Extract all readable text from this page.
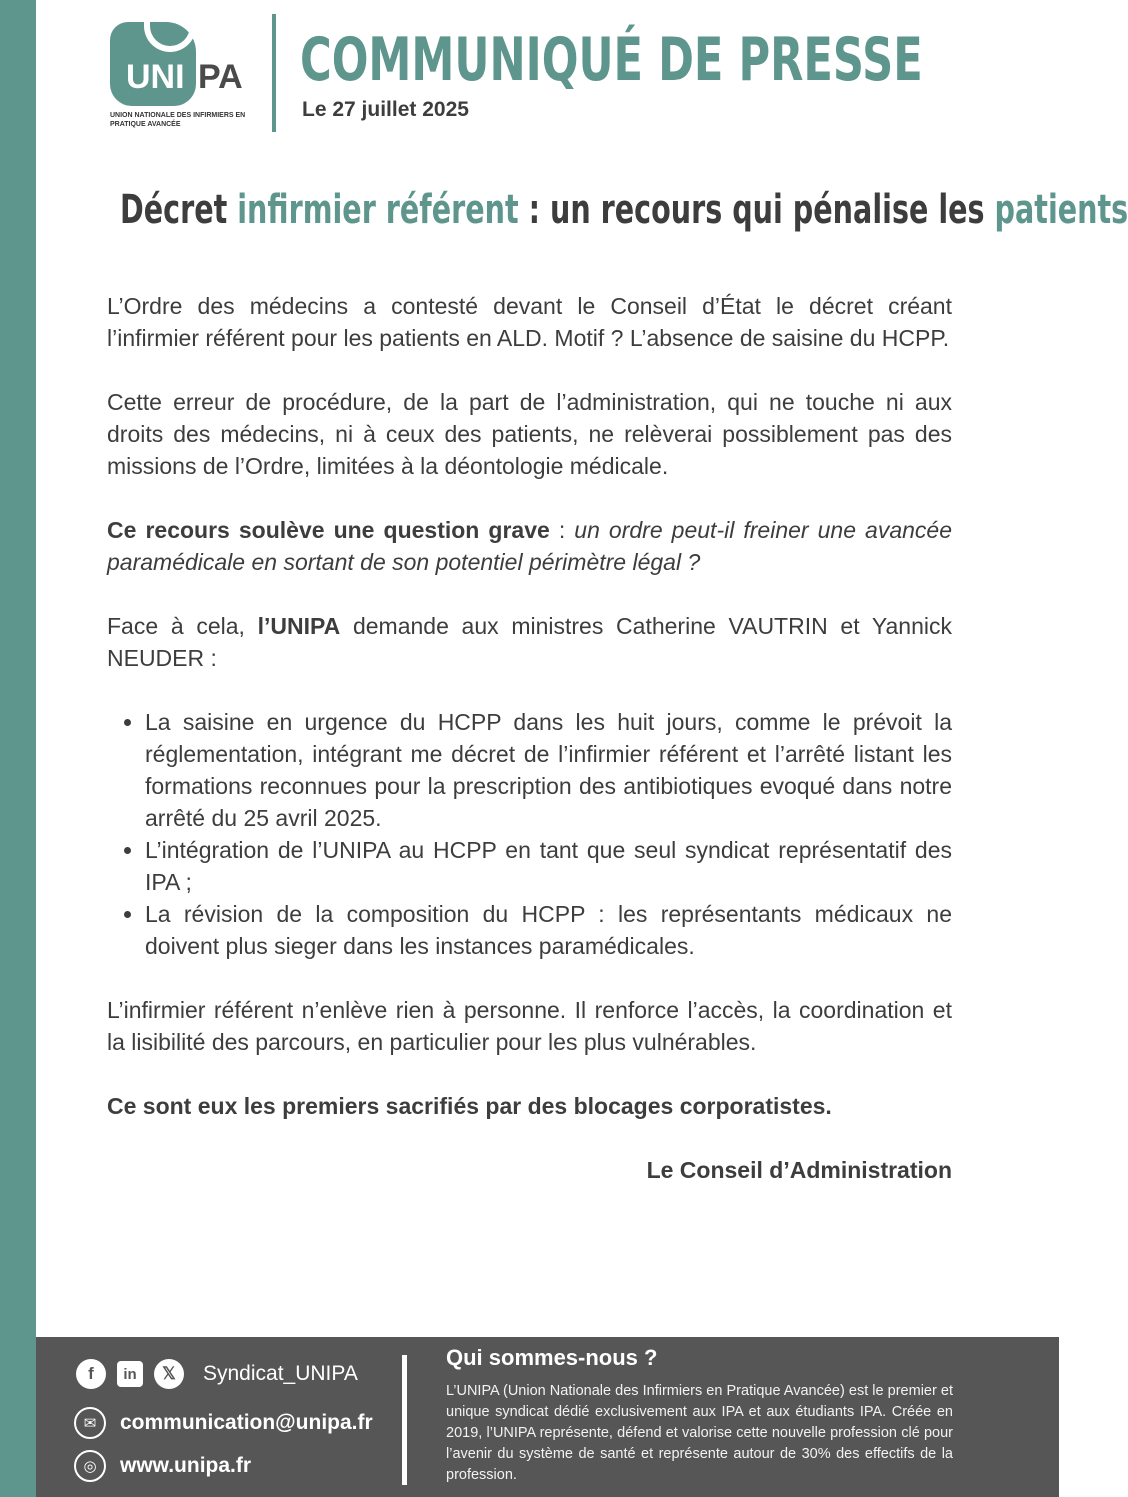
UNI PA
UNION NATIONALE DES INFIRMIERS EN PRATIQUE AVANCÉE
COMMUNIQUÉ DE PRESSE
Le 27 juillet 2025
Décret infirmier référent : un recours qui pénalise les patients

L’Ordre des médecins a contesté devant le Conseil d’État le décret créant l’infirmier référent pour les patients en ALD. Motif ? L’absence de saisine du HCPP.

Cette erreur de procédure, de la part de l’administration, qui ne touche ni aux droits des médecins, ni à ceux des patients, ne relèverai possiblement pas des missions de l’Ordre, limitées à la déontologie médicale.

Ce recours soulève une question grave : un ordre peut-il freiner une avancée paramédicale en sortant de son potentiel périmètre légal ?

Face à cela, l’UNIPA demande aux ministres Catherine VAUTRIN et Yannick NEUDER :

• La saisine en urgence du HCPP dans les huit jours, comme le prévoit la réglementation, intégrant me décret de l’infirmier référent et l’arrêté listant les formations reconnues pour la prescription des antibiotiques evoqué dans notre arrêté du 25 avril 2025.
• L’intégration de l’UNIPA au HCPP en tant que seul syndicat représentatif des IPA ;
• La révision de la composition du HCPP : les représentants médicaux ne doivent plus sieger dans les instances paramédicales.

L’infirmier référent n’enlève rien à personne. Il renforce l’accès, la coordination et la lisibilité des parcours, en particulier pour les plus vulnérables.

Ce sont eux les premiers sacrifiés par des blocages corporatistes.

Le Conseil d’Administration

f	in	𝕏	Syndicat_UNIPA
✉	communication@unipa.fr
◎	www.unipa.fr
Qui sommes-nous ?
L’UNIPA (Union Nationale des Infirmiers en Pratique Avancée) est le premier et unique syndicat dédié exclusivement aux IPA et aux étudiants IPA. Créée en 2019, l’UNIPA représente, défend et valorise cette nouvelle profession clé pour l’avenir du système de santé et représente autour de 30% des effectifs de la profession.
